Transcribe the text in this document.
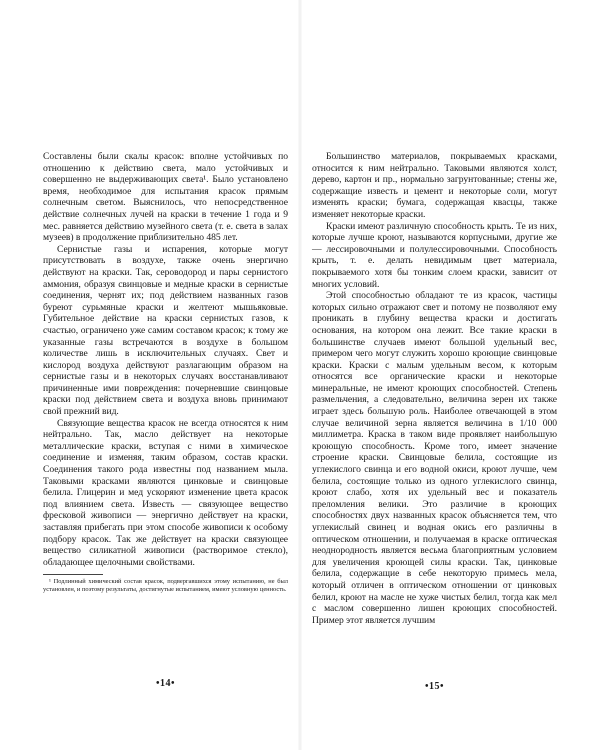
Составлены были скалы красок: вполне устойчивых по отношению к действию света, мало устойчивых и совершенно не выдерживающих света¹. Было установлено время, необходимое для испытания красок прямым солнечным светом. Выяснилось, что непосредственное действие солнечных лучей на краски в течение 1 года и 9 мес. равняется действию музейного света (т. е. света в залах музеев) в продолжение приблизительно 485 лет.

Сернистые газы и испарения, которые могут присутствовать в воздухе, также очень энергично действуют на краски. Так, сероводород и пары сернистого аммония, образуя свинцовые и медные краски в сернистые соединения, чернят их; под действием названных газов буреют сурьмяные краски и желтеют мышьяковые. Губительное действие на краски сернистых газов, к счастью, ограничено уже самим составом красок; к тому же указанные газы встречаются в воздухе в большом количестве лишь в исключительных случаях. Свет и кислород воздуха действуют разлагающим образом на сернистые газы и в некоторых случаях восстанавливают причиненные ими повреждения: почерневшие свинцовые краски под действием света и воздуха вновь принимают свой прежний вид.

Связующие вещества красок не всегда относятся к ним нейтрально. Так, масло действует на некоторые металлические краски, вступая с ними в химическое соединение и изменяя, таким образом, состав краски. Соединения такого рода известны под названием мыла. Таковыми красками являются цинковые и свинцовые белила. Глицерин и мед ускоряют изменение цвета красок под влиянием света. Известь — связующее вещество фресковой живописи — энергично действует на краски, заставляя прибегать при этом способе живописи к особому подбору красок. Так же действует на краски связующее вещество силикатной живописи (растворимое стекло), обладающее щелочными свойствами.

¹ Подлинный химический состав красок, подвергавшихся этому испытанию, не был установлен, и поэтому результаты, достигнутые испытанием, имеют условную ценность.
•14•

Большинство материалов, покрываемых красками, относится к ним нейтрально. Таковыми являются холст, дерево, картон и пр., нормально загрунтованные; стены же, содержащие известь и цемент и некоторые соли, могут изменять краски; бумага, содержащая квасцы, также изменяет некоторые краски.

Краски имеют различную способность крыть. Те из них, которые лучше кроют, называются корпусными, другие же — лессировочными и полулессировочными. Способность крыть, т. е. делать невидимым цвет материала, покрываемого хотя бы тонким слоем краски, зависит от многих условий.

Этой способностью обладают те из красок, частицы которых сильно отражают свет и потому не позволяют ему проникать в глубину вещества краски и достигать основания, на котором она лежит. Все такие краски в большинстве случаев имеют большой удельный вес, примером чего могут служить хорошо кроющие свинцовые краски. Краски с малым удельным весом, к которым относятся все органические краски и некоторые минеральные, не имеют кроющих способностей. Степень размельчения, а следовательно, величина зерен их также играет здесь большую роль. Наиболее отвечающей в этом случае величиной зерна является величина в 1/10 000 миллиметра. Краска в таком виде проявляет наибольшую кроющую способность. Кроме того, имеет значение строение краски. Свинцовые белила, состоящие из углекислого свинца и его водной окиси, кроют лучше, чем белила, состоящие только из одного углекислого свинца, кроют слабо, хотя их удельный вес и показатель преломления велики. Это различие в кроющих способностях двух названных красок объясняется тем, что углекислый свинец и водная окись его различны в оптическом отношении, и получаемая в краске оптическая неоднородность является весьма благоприятным условием для увеличения кроющей силы краски. Так, цинковые белила, содержащие в себе некоторую примесь мела, который отличен в оптическом отношении от цинковых белил, кроют на масле не хуже чистых белил, тогда как мел с маслом совершенно лишен кроющих способностей. Пример этот является лучшим

•15•
